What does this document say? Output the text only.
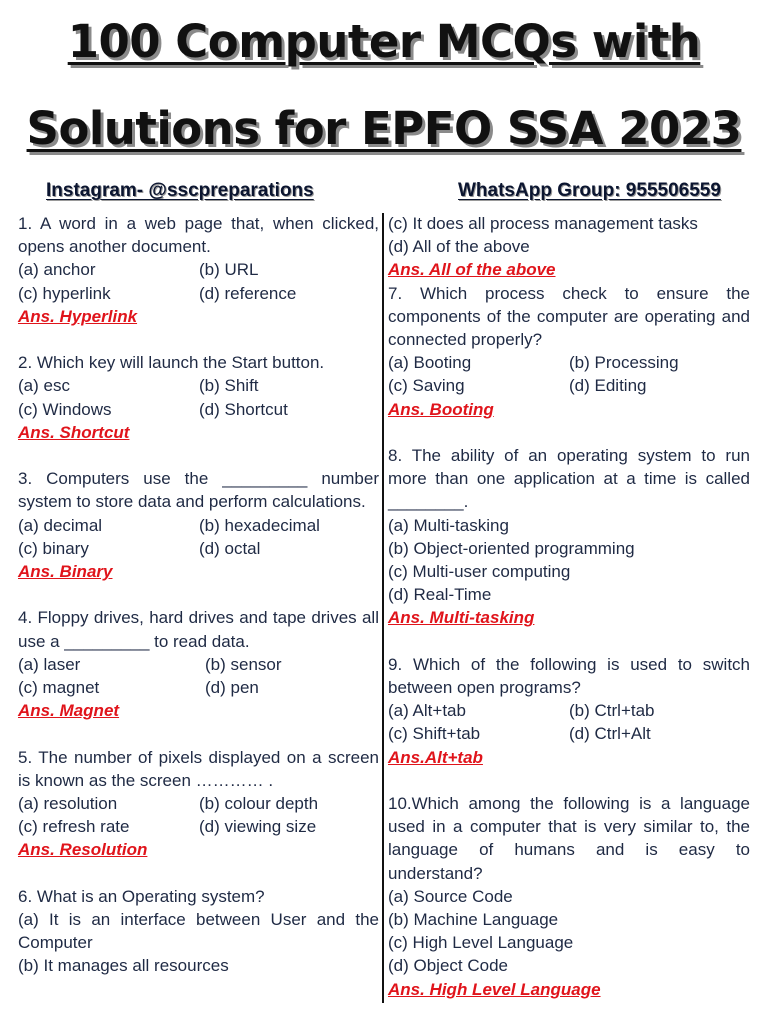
100 Computer MCQs with
Solutions for EPFO SSA 2023
Instagram- @sscpreparations	WhatsApp Group: 955506559

1. A word in a web page that, when clicked, opens another document.

(a) anchor	(b) URL
(c) hyperlink	(d) reference
Ans. Hyperlink

2. Which key will launch the Start button.

(a) esc	(b) Shift
(c) Windows	(d) Shortcut
Ans. Shortcut

3. Computers use the _________ number system to store data and perform calculations.

(a) decimal	(b) hexadecimal
(c) binary	(d) octal
Ans. Binary

4. Floppy drives, hard drives and tape drives all use a _________ to read data.

(a) laser	(b) sensor
(c) magnet	(d) pen
Ans. Magnet

5. The number of pixels displayed on a screen is known as the screen ………… .

(a) resolution	(b) colour depth
(c) refresh rate	(d) viewing size
Ans. Resolution

6. What is an Operating system?

(a) It is an interface between User and the Computer

(b) It manages all resources
(c) It does all process management tasks
(d) All of the above
Ans. All of the above

7. Which process check to ensure the components of the computer are operating and connected properly?

(a) Booting	(b) Processing
(c) Saving	(d) Editing
Ans. Booting

8. The ability of an operating system to run more than one application at a time is called ________.

(a) Multi-tasking
(b) Object-oriented programming
(c) Multi-user computing
(d) Real-Time
Ans. Multi-tasking

9. Which of the following is used to switch between open programs?

(a) Alt+tab	(b) Ctrl+tab
(c) Shift+tab	(d) Ctrl+Alt
Ans.Alt+tab

10.Which among the following is a language used in a computer that is very similar to, the language of humans and is easy to understand?

(a) Source Code
(b) Machine Language
(c) High Level Language
(d) Object Code
Ans. High Level Language
